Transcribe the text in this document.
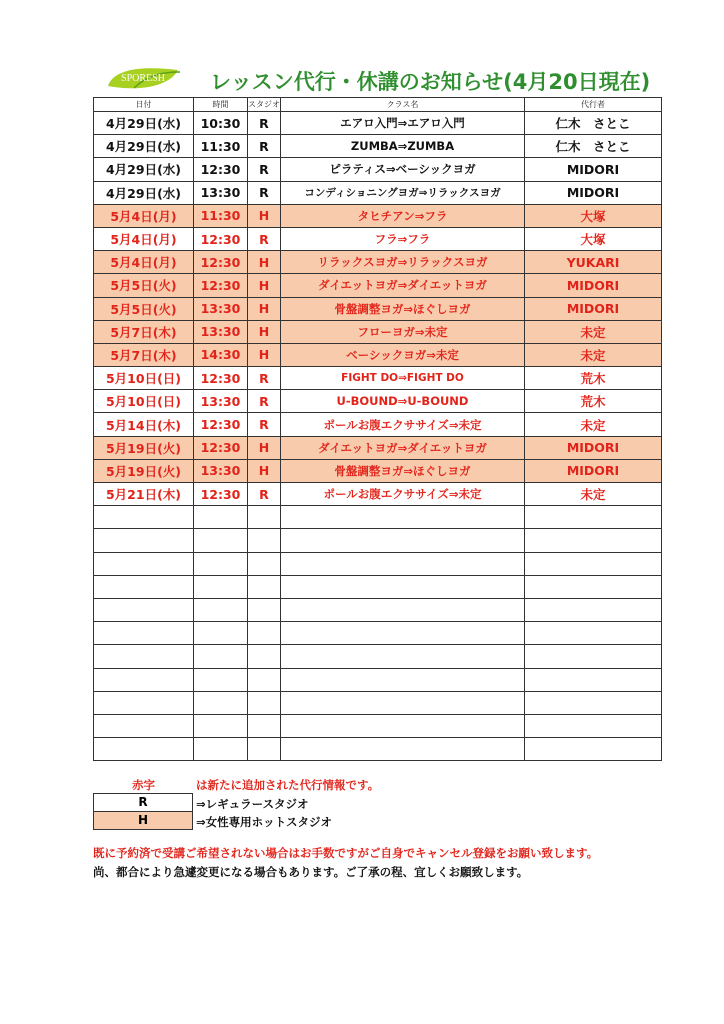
SPORESH レッスン代行・休講のお知らせ(4月20日現在)
日付	時間	スタジオ	クラス名	代行者
4月29日(水)	10:30	R	エアロ入門⇒エアロ入門	仁木　さとこ
4月29日(水)	11:30	R	ZUMBA⇒ZUMBA	仁木　さとこ
4月29日(水)	12:30	R	ピラティス⇒ベーシックヨガ	MIDORI
4月29日(水)	13:30	R	コンディショニングヨガ⇒リラックスヨガ	MIDORI
5月4日(月)	11:30	H	タヒチアン⇒フラ	大塚
5月4日(月)	12:30	R	フラ⇒フラ	大塚
5月4日(月)	12:30	H	リラックスヨガ⇒リラックスヨガ	YUKARI
5月5日(火)	12:30	H	ダイエットヨガ⇒ダイエットヨガ	MIDORI
5月5日(火)	13:30	H	骨盤調整ヨガ⇒ほぐしヨガ	MIDORI
5月7日(木)	13:30	H	フローヨガ⇒未定	未定
5月7日(木)	14:30	H	ベーシックヨガ⇒未定	未定
5月10日(日)	12:30	R	FIGHT DO⇒FIGHT DO	荒木
5月10日(日)	13:30	R	U-BOUND⇒U-BOUND	荒木
5月14日(木)	12:30	R	ポールお腹エクササイズ⇒未定	未定
5月19日(火)	12:30	H	ダイエットヨガ⇒ダイエットヨガ	MIDORI
5月19日(火)	13:30	H	骨盤調整ヨガ⇒ほぐしヨガ	MIDORI
5月21日(木)	12:30	R	ポールお腹エクササイズ⇒未定	未定

赤字	は新たに追加された代行情報です。
R	⇒レギュラースタジオ
H	⇒女性専用ホットスタジオ
既に予約済で受講ご希望されない場合はお手数ですがご自身でキャンセル登録をお願い致します。
尚、都合により急遽変更になる場合もあります。ご了承の程、宜しくお願致します。
